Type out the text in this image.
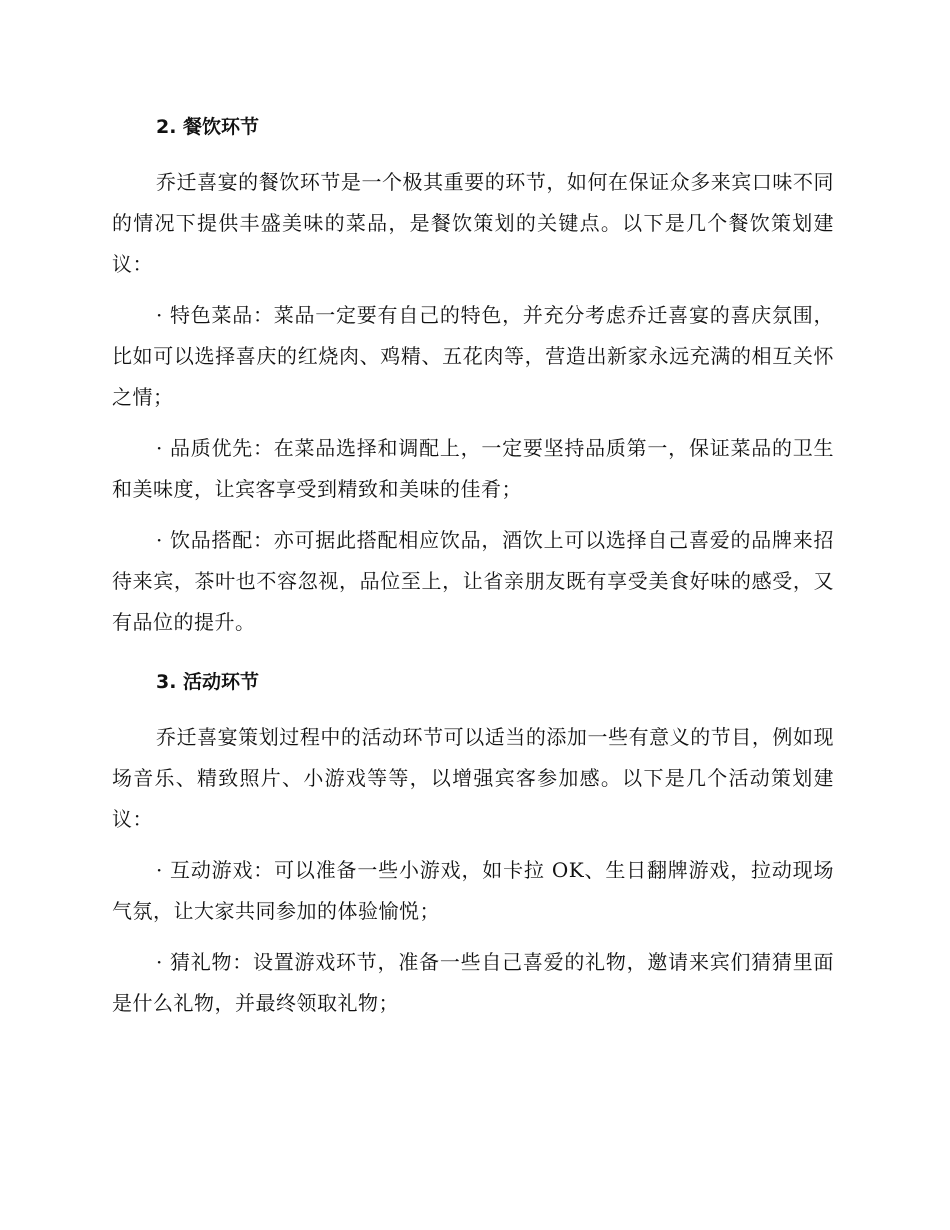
2. 餐饮环节

乔迁喜宴的餐饮环节是一个极其重要的环节，如何在保证众多来宾口味不同的情况下提供丰盛美味的菜品，是餐饮策划的关键点。以下是几个餐饮策划建议：

· 特色菜品：菜品一定要有自己的特色，并充分考虑乔迁喜宴的喜庆氛围，比如可以选择喜庆的红烧肉、鸡精、五花肉等，营造出新家永远充满的相互关怀之情；

· 品质优先：在菜品选择和调配上，一定要坚持品质第一，保证菜品的卫生和美味度，让宾客享受到精致和美味的佳肴；

· 饮品搭配：亦可据此搭配相应饮品，酒饮上可以选择自己喜爱的品牌来招待来宾，茶叶也不容忽视，品位至上，让省亲朋友既有享受美食好味的感受，又有品位的提升。

3. 活动环节

乔迁喜宴策划过程中的活动环节可以适当的添加一些有意义的节目，例如现场音乐、精致照片、小游戏等等，以增强宾客参加感。以下是几个活动策划建议：

· 互动游戏：可以准备一些小游戏，如卡拉 OK、生日翻牌游戏，拉动现场气氛，让大家共同参加的体验愉悦；

· 猜礼物：设置游戏环节，准备一些自己喜爱的礼物，邀请来宾们猜猜里面是什么礼物，并最终领取礼物；
